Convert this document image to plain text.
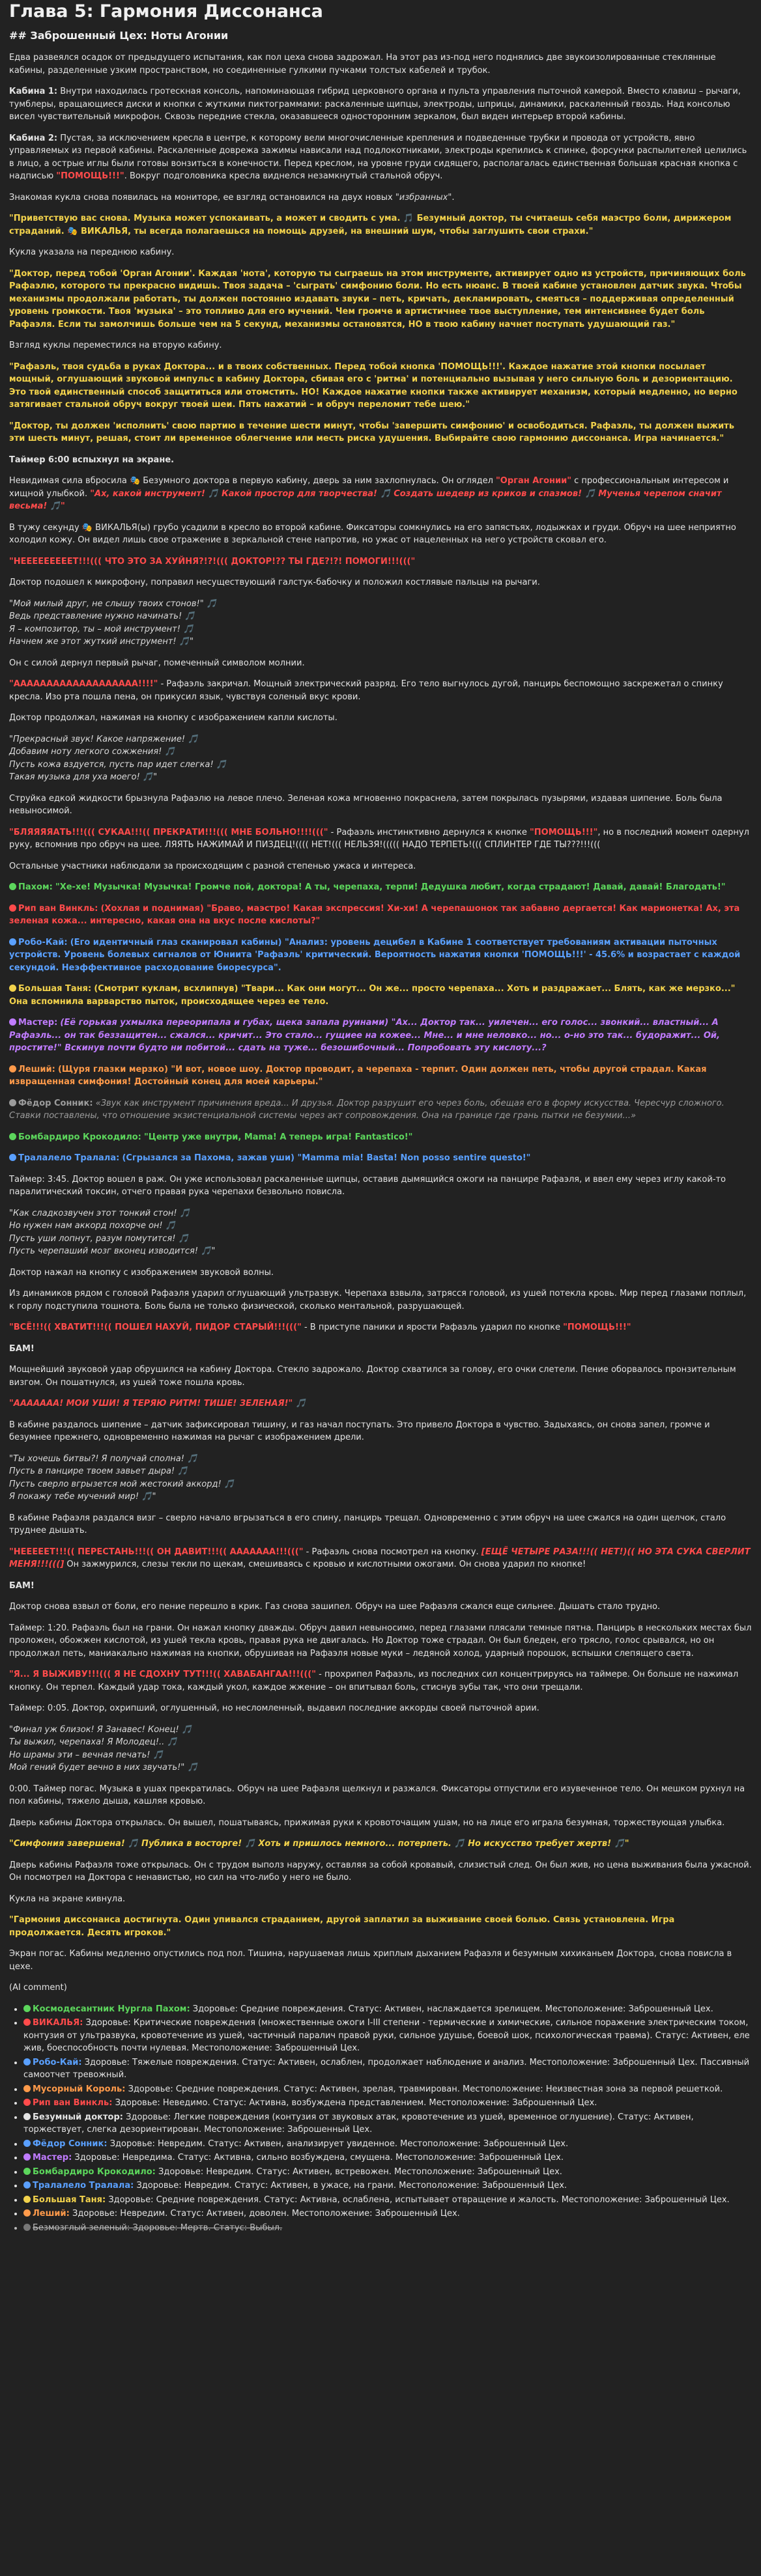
Глава 5: Гармония Диссонанса
## Заброшенный Цех: Ноты Агонии

Едва развеялся осадок от предыдущего испытания, как пол цеха снова задрожал. На этот раз из-под него поднялись две звукоизолированные стеклянные кабины, разделенные узким пространством, но соединенные гулкими пучками толстых кабелей и трубок.

Кабина 1: Внутри находилась гротескная консоль, напоминающая гибрид церковного органа и пульта управления пыточной камерой. Вместо клавиш – рычаги, тумблеры, вращающиеся диски и кнопки с жуткими пиктограммами: раскаленные щипцы, электроды, шприцы, динамики, раскаленный гвоздь. Над консолью висел чувствительный микрофон. Сквозь передние стекла, оказавшееся односторонним зеркалом, был виден интерьер второй кабины.

Кабина 2: Пустая, за исключением кресла в центре, к которому вели многочисленные крепления и подведенные трубки и провода от устройств, явно управляемых из первой кабины. Раскаленные доврежа зажимы нависали над подлокотниками, электроды крепились к спинке, форсунки распылителей целились в лицо, а острые иглы были готовы вонзиться в конечности. Перед креслом, на уровне груди сидящего, располагалась единственная большая красная кнопка с надписью "ПОМОЩЬ!!!". Вокруг подголовника кресла виднелся незамкнутый стальной обруч.

Знакомая кукла снова появилась на мониторе, ее взгляд остановился на двух новых "избранных".

"Приветствую вас снова. Музыка может успокаивать, а может и сводить с ума. 🎵 Безумный доктор, ты считаешь себя маэстро боли, дирижером страданий. 🎭 ВИКАЛЬЯ, ты всегда полагаешься на помощь друзей, на внешний шум, чтобы заглушить свои страхи."

Кукла указала на переднюю кабину.

"Доктор, перед тобой 'Орган Агонии'. Каждая 'нота', которую ты сыграешь на этом инструменте, активирует одно из устройств, причиняющих боль Рафаэлю, которого ты прекрасно видишь. Твоя задача – 'сыграть' симфонию боли. Но есть нюанс. В твоей кабине установлен датчик звука. Чтобы механизмы продолжали работать, ты должен постоянно издавать звуки – петь, кричать, декламировать, смеяться – поддерживая определенный уровень громкости. Твоя 'музыка' – это топливо для его мучений. Чем громче и артистичнее твое выступление, тем интенсивнее будет боль Рафаэля. Если ты замолчишь больше чем на 5 секунд, механизмы остановятся, НО в твою кабину начнет поступать удушающий газ."

Взгляд куклы переместился на вторую кабину.

"Рафаэль, твоя судьба в руках Доктора... и в твоих собственных. Перед тобой кнопка 'ПОМОЩЬ!!!'. Каждое нажатие этой кнопки посылает мощный, оглушающий звуковой импульс в кабину Доктора, сбивая его с 'ритма' и потенциально вызывая у него сильную боль и дезориентацию. Это твой единственный способ защититься или отомстить. НО! Каждое нажатие кнопки также активирует механизм, который медленно, но верно затягивает стальной обруч вокруг твоей шеи. Пять нажатий – и обруч переломит тебе шею."

"Доктор, ты должен 'исполнить' свою партию в течение шести минут, чтобы 'завершить симфонию' и освободиться. Рафаэль, ты должен выжить эти шесть минут, решая, стоит ли временное облегчение или месть риска удушения. Выбирайте свою гармонию диссонанса. Игра начинается."

Таймер 6:00 вспыхнул на экране.

Невидимая сила вбросила 🎭 Безумного доктора в первую кабину, дверь за ним захлопнулась. Он оглядел "Орган Агонии" с профессиональным интересом и хищной улыбкой. "Ах, какой инструмент! 🎵 Какой простор для творчества! 🎵 Создать шедевр из криков и спазмов! 🎵 Мученья черепом сначит весьма! 🎵"

В тужу секунду 🎭 ВИКАЛЬЯ(ы) грубо усадили в кресло во второй кабине. Фиксаторы сомкнулись на его запястьях, лодыжках и груди. Обруч на шее неприятно холодил кожу. Он видел лишь свое отражение в зеркальной стене напротив, но ужас от нацеленных на него устройств сковал его.

"НЕЕЕЕЕЕЕЕЕТ!!!((( ЧТО ЭТО ЗА ХУЙНЯ?!?!((( ДОКТОР!?? ТЫ ГДЕ?!?! ПОМОГИ!!!((("

Доктор подошел к микрофону, поправил несуществующий галстук-бабочку и положил костлявые пальцы на рычаги.

"Мой милый друг, не слышу твоих стонов!" 🎵
Ведь представление нужно начинать! 🎵
Я – композитор, ты – мой инструмент! 🎵
Начнем же этот жуткий инструмент! 🎵"

Он с силой дернул первый рычаг, помеченный символом молнии.

"ААААААААААААААААААА!!!!" - Рафаэль закричал. Мощный электрический разряд. Его тело выгнулось дугой, панцирь беспомощно заскрежетал о спинку кресла. Изо рта пошла пена, он прикусил язык, чувствуя соленый вкус крови.

Доктор продолжал, нажимая на кнопку с изображением капли кислоты.

"Прекрасный звук! Какое напряжение! 🎵
Добавим ноту легкого сожжения! 🎵
Пусть кожа вздуется, пусть пар идет слегка! 🎵
Такая музыка для уха моего! 🎵"

Струйка едкой жидкости брызнула Рафаэлю на левое плечо. Зеленая кожа мгновенно покраснела, затем покрылась пузырями, издавая шипение. Боль была невыносимой.

"БЛЯЯЯЯАТЬ!!!((( СУКАА!!!(( ПРЕКРАТИ!!!((( МНЕ БОЛЬНО!!!!(((" - Рафаэль инстинктивно дернулся к кнопке "ПОМОЩЬ!!!", но в последний момент одернул руку, вспомнив про обруч на шее. ЛЯЯТЬ НАЖИМАЙ И ПИЗДЕЦ!(((( НЕТ!((( НЕЛЬЗЯ!((((( НАДО ТЕРПЕТЬ!((( СПЛИНТЕР ГДЕ ТЫ???!!!(((

Остальные участники наблюдали за происходящим с разной степенью ужаса и интереса.

Пахом: "Хе-хе! Музычка! Музычка! Громче пой, доктора! А ты, черепаха, терпи! Дедушка любит, когда страдают! Давай, давай! Благодать!"

Рип ван Винкль: (Хохлая и поднимая) "Браво, маэстро! Какая экспрессия! Хи-хи! А черепашонок так забавно дергается! Как марионетка! Ах, эта зеленая кожа... интересно, какая она на вкус после кислоты?"

Робо-Кай: (Его идентичный глаз сканировал кабины) "Анализ: уровень децибел в Кабине 1 соответствует требованиям активации пыточных устройств. Уровень болевых сигналов от Юниита 'Рафаэль' критический. Вероятность нажатия кнопки 'ПОМОЩЬ!!!' - 45.6% и возрастает с каждой секундой. Неэффективное расходование биоресурса".

Большая Таня: (Смотрит куклам, всхлипнув) "Твари... Как они могут... Он же... просто черепаха... Хоть и раздражает... Блять, как же мерзко..." Она вспомнила варварство пыток, происходящее через ее тело.

Мастер: (Её горькая ухмылка переорипала и губах, щека запала руинами) "Ах... Доктор так... уилечен... его голос... звонкий... властный... А Рафаэль... он так беззащитен... сжался... кричит... Это стало... гущиее на кожее... Мне... и мне неловко... но... о-но это так... будоражит... Ой, простите!" Вскинув почти будто ни побитой... сдать на туже... безошибочный... Попробовать эту кислоту...?

Леший: (Щуря глазки мерзко) "И вот, новое шоу. Доктор проводит, а черепаха - терпит. Один должен петь, чтобы другой страдал. Какая извращенная симфония! Достойный конец для моей карьеры."

Фёдор Сонник: «Звук как инструмент причинения вреда... И друзья. Доктор разрушит его через боль, обещая его в форму искусства. Чересчур сложного. Ставки поставлены, что отношение экзистенциальной системы через акт сопровождения. Она на границе где грань пытки не безумии...»

Бомбардиро Крокодило: "Центр уже внутри, Mama! А теперь игра! Fantastico!"

Тралалело Тралала: (Сгрызался за Пахома, зажав уши) "Mamma mia! Basta! Non posso sentire questo!"

Таймер: 3:45. Доктор вошел в раж. Он уже использовал раскаленные щипцы, оставив дымящийся ожоги на панцире Рафаэля, и ввел ему через иглу какой-то паралитический токсин, отчего правая рука черепахи безвольно повисла.

"Как сладкозвучен этот тонкий стон! 🎵
Но нужен нам аккорд похорче он! 🎵
Пусть уши лопнут, разум помутится! 🎵
Пусть черепаший мозг вконец изводится! 🎵"

Доктор нажал на кнопку с изображением звуковой волны.

Из динамиков рядом с головой Рафаэля ударил оглушающий ультразвук. Черепаха взвыла, затрясся головой, из ушей потекла кровь. Мир перед глазами поплыл, к горлу подступила тошнота. Боль была не только физической, сколько ментальной, разрушающей.

"ВСЁ!!!(( ХВАТИТ!!!(( ПОШЕЛ НАХУЙ, ПИДОР СТАРЫЙ!!!(((" - В приступе паники и ярости Рафаэль ударил по кнопке "ПОМОЩЬ!!!"

БАМ!

Мощнейший звуковой удар обрушился на кабину Доктора. Стекло задрожало. Доктор схватился за голову, его очки слетели. Пение оборвалось пронзительным визгом. Он пошатнулся, из ушей тоже пошла кровь.

"ААААААА! МОИ УШИ! Я ТЕРЯЮ РИТМ! ТИШЕ! ЗЕЛЕНАЯ!" 🎵

В кабине раздалось шипение – датчик зафиксировал тишину, и газ начал поступать. Это привело Доктора в чувство. Задыхаясь, он снова запел, громче и безумнее прежнего, одновременно нажимая на рычаг с изображением дрели.

"Ты хочешь битвы?! Я получай сполна! 🎵
Пусть в панцире твоем завьет дыра! 🎵
Пусть сверло вгрызется мой жестокий аккорд! 🎵
Я покажу тебе мучений мир! 🎵"

В кабине Рафаэля раздался визг – сверло начало вгрызаться в его спину, панцирь трещал. Одновременно с этим обруч на шее сжался на один щелчок, стало труднее дышать.

"НЕЕЕЕЕТ!!!(( ПЕРЕСТАНЬ!!!(( ОН ДАВИТ!!!(( ААААААА!!!(((" - Рафаэль снова посмотрел на кнопку. [ЕЩЁ ЧЕТЫРЕ РАЗА!!!(( НЕТ!)(( НО ЭТА СУКА СВЕРЛИТ МЕНЯ!!!(((] Он зажмурился, слезы текли по щекам, смешиваясь с кровью и кислотными ожогами. Он снова ударил по кнопке!

БАМ!

Доктор снова взвыл от боли, его пение перешло в крик. Газ снова зашипел. Обруч на шее Рафаэля сжался еще сильнее. Дышать стало трудно.

Таймер: 1:20. Рафаэль был на грани. Он нажал кнопку дважды. Обруч давил невыносимо, перед глазами плясали темные пятна. Панцирь в нескольких местах был проложен, обожжен кислотой, из ушей текла кровь, правая рука не двигалась. Но Доктор тоже страдал. Он был бледен, его трясло, голос срывался, но он продолжал петь, маниакально нажимая на кнопки, обрушивая на Рафаэля новые муки – ледяной холод, ударный порошок, вспышки слепящего света.

"Я... Я ВЫЖИВУ!!!((( Я НЕ СДОХНУ ТУТ!!!(( ХАВАБАНГАА!!!(((" - прохрипел Рафаэль, из последних сил концентрируясь на таймере. Он больше не нажимал кнопку. Он терпел. Каждый удар тока, каждый укол, каждое жжение – он впитывал боль, стиснув зубы так, что они трещали.

Таймер: 0:05. Доктор, охрипший, оглушенный, но несломленный, выдавил последние аккорды своей пыточной арии.

"Финал уж близок! Я Занавес! Конец! 🎵
Ты выжил, черепаха! Я Молодец!.. 🎵
Но шрамы эти – вечная печать! 🎵
Мой гений будет вечно в них звучать!" 🎵

0:00. Таймер погас. Музыка в ушах прекратилась. Обруч на шее Рафаэля щелкнул и разжался. Фиксаторы отпустили его изувеченное тело. Он мешком рухнул на пол кабины, тяжело дыша, кашляя кровью.

Дверь кабины Доктора открылась. Он вышел, пошатываясь, прижимая руки к кровоточащим ушам, но на лице его играла безумная, торжествующая улыбка.

"Симфония завершена! 🎵 Публика в восторге! 🎵 Хоть и пришлось немного... потерпеть. 🎵 Но искусство требует жертв! 🎵"

Дверь кабины Рафаэля тоже открылась. Он с трудом выполз наружу, оставляя за собой кровавый, слизистый след. Он был жив, но цена выживания была ужасной. Он посмотрел на Доктора с ненавистью, но сил на что-либо у него не было.

Кукла на экране кивнула.

"Гармония диссонанса достигнута. Один упивался страданием, другой заплатил за выживание своей болью. Связь установлена. Игра продолжается. Десять игроков."

Экран погас. Кабины медленно опустились под пол. Тишина, нарушаемая лишь хриплым дыханием Рафаэля и безумным хихиканьем Доктора, снова повисла в цехе.

(AI comment)

• Космодесантник Нургла Пахом: Здоровье: Средние повреждения. Статус: Активен, наслаждается зрелищем. Местоположение: Заброшенный Цех.
• ВИКАЛЬЯ: Здоровье: Критические повреждения (множественные ожоги I-III степени - термические и химические, сильное поражение электрическим током, контузия от ультразвука, кровотечение из ушей, частичный паралич правой руки, сильное удушье, боевой шок, психологическая травма). Статус: Активен, еле жив, боеспособность почти нулевая. Местоположение: Заброшенный Цех.
• Робо-Кай: Здоровье: Тяжелые повреждения. Статус: Активен, ослаблен, продолжает наблюдение и анализ. Местоположение: Заброшенный Цех. Пассивный самоотчет тревожный.
• Мусорный Король: Здоровье: Средние повреждения. Статус: Активен, зрелая, травмирован. Местоположение: Неизвестная зона за первой решеткой.
• Рип ван Винкль: Здоровье: Неведимо. Статус: Активна, возбуждена представлением. Местоположение: Заброшенный Цех.
• Безумный доктор: Здоровье: Легкие повреждения (контузия от звуковых атак, кровотечение из ушей, временное оглушение). Статус: Активен, торжествует, слегка дезориентирован. Местоположение: Заброшенный Цех.
• Фёдор Сонник: Здоровье: Невредим. Статус: Активен, анализирует увиденное. Местоположение: Заброшенный Цех.
• Мастер: Здоровье: Невредима. Статус: Активна, сильно возбуждена, смущена. Местоположение: Заброшенный Цех.
• Бомбардиро Крокодило: Здоровье: Невредим. Статус: Активен, встревожен. Местоположение: Заброшенный Цех.
• Тралалело Тралала: Здоровье: Невредим. Статус: Активен, в ужасе, на грани. Местоположение: Заброшенный Цех.
• Большая Таня: Здоровье: Средние повреждения. Статус: Активна, ослаблена, испытывает отвращение и жалость. Местоположение: Заброшенный Цех.
• Леший: Здоровье: Невредим. Статус: Активен, доволен. Местоположение: Заброшенный Цех.
• Безмозглый зеленый: Здоровье: Мертв. Статус: Выбыл.
